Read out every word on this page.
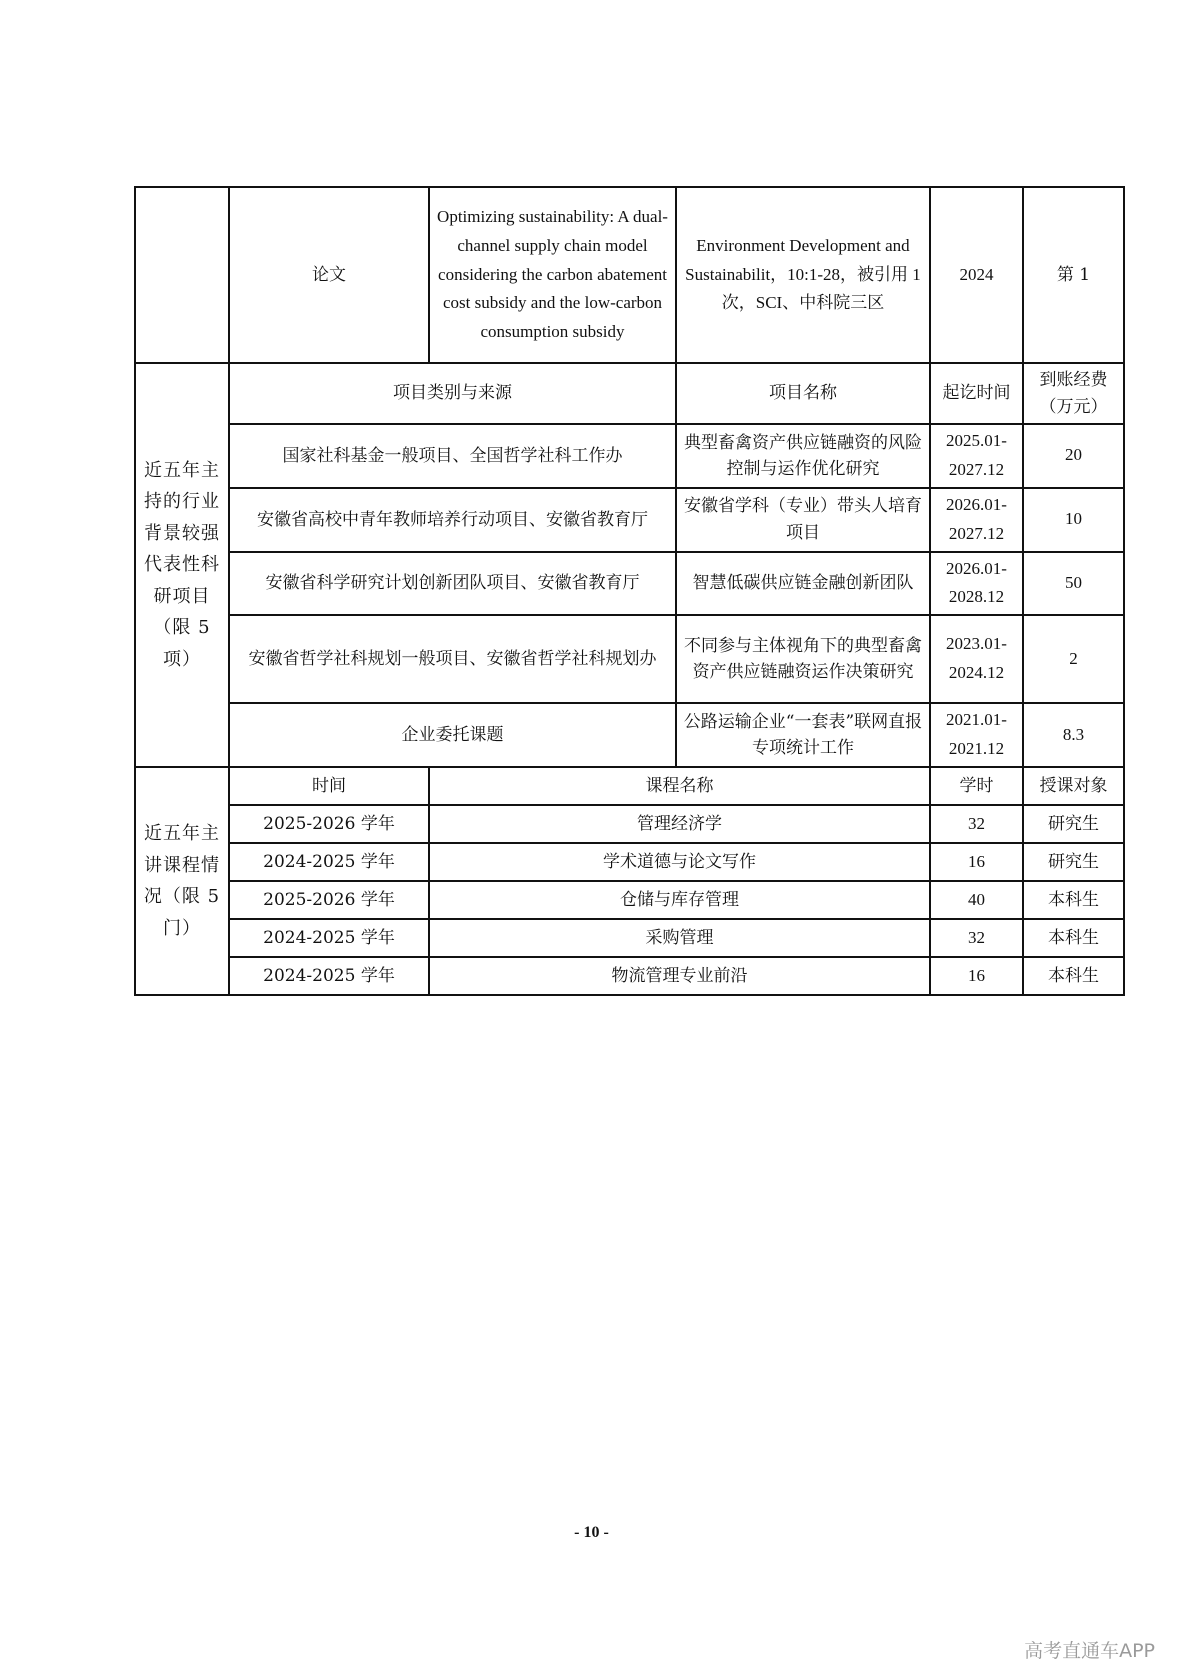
	论文	Optimizing sustainability: A dual-channel supply chain model considering the carbon abatement cost subsidy and the low-carbon consumption subsidy	Environment Development and Sustainabilit，10:1-28，被引用 1 次，SCI、中科院三区	2024	第 1
近五年主持的行业背景较强代表性科研项目（限 5 项）	项目类别与来源		项目名称	起讫时间	到账经费（万元）
	国家社科基金一般项目、全国哲学社科工作办		典型畜禽资产供应链融资的风险控制与运作优化研究	2025.01-2027.12	20
	安徽省高校中青年教师培养行动项目、安徽省教育厅		安徽省学科（专业）带头人培育项目	2026.01-2027.12	10
	安徽省科学研究计划创新团队项目、安徽省教育厅		智慧低碳供应链金融创新团队	2026.01-2028.12	50
	安徽省哲学社科规划一般项目、安徽省哲学社科规划办		不同参与主体视角下的典型畜禽资产供应链融资运作决策研究	2023.01-2024.12	2
	企业委托课题		公路运输企业“一套表”联网直报专项统计工作	2021.01-2021.12	8.3
近五年主讲课程情况（限 5 门）	时间	课程名称		学时	授课对象
	2025-2026 学年	管理经济学		32	研究生
	2024-2025 学年	学术道德与论文写作		16	研究生
	2025-2026 学年	仓储与库存管理		40	本科生
	2024-2025 学年	采购管理		32	本科生
	2024-2025 学年	物流管理专业前沿		16	本科生
- 10 -
高考直通车APP
